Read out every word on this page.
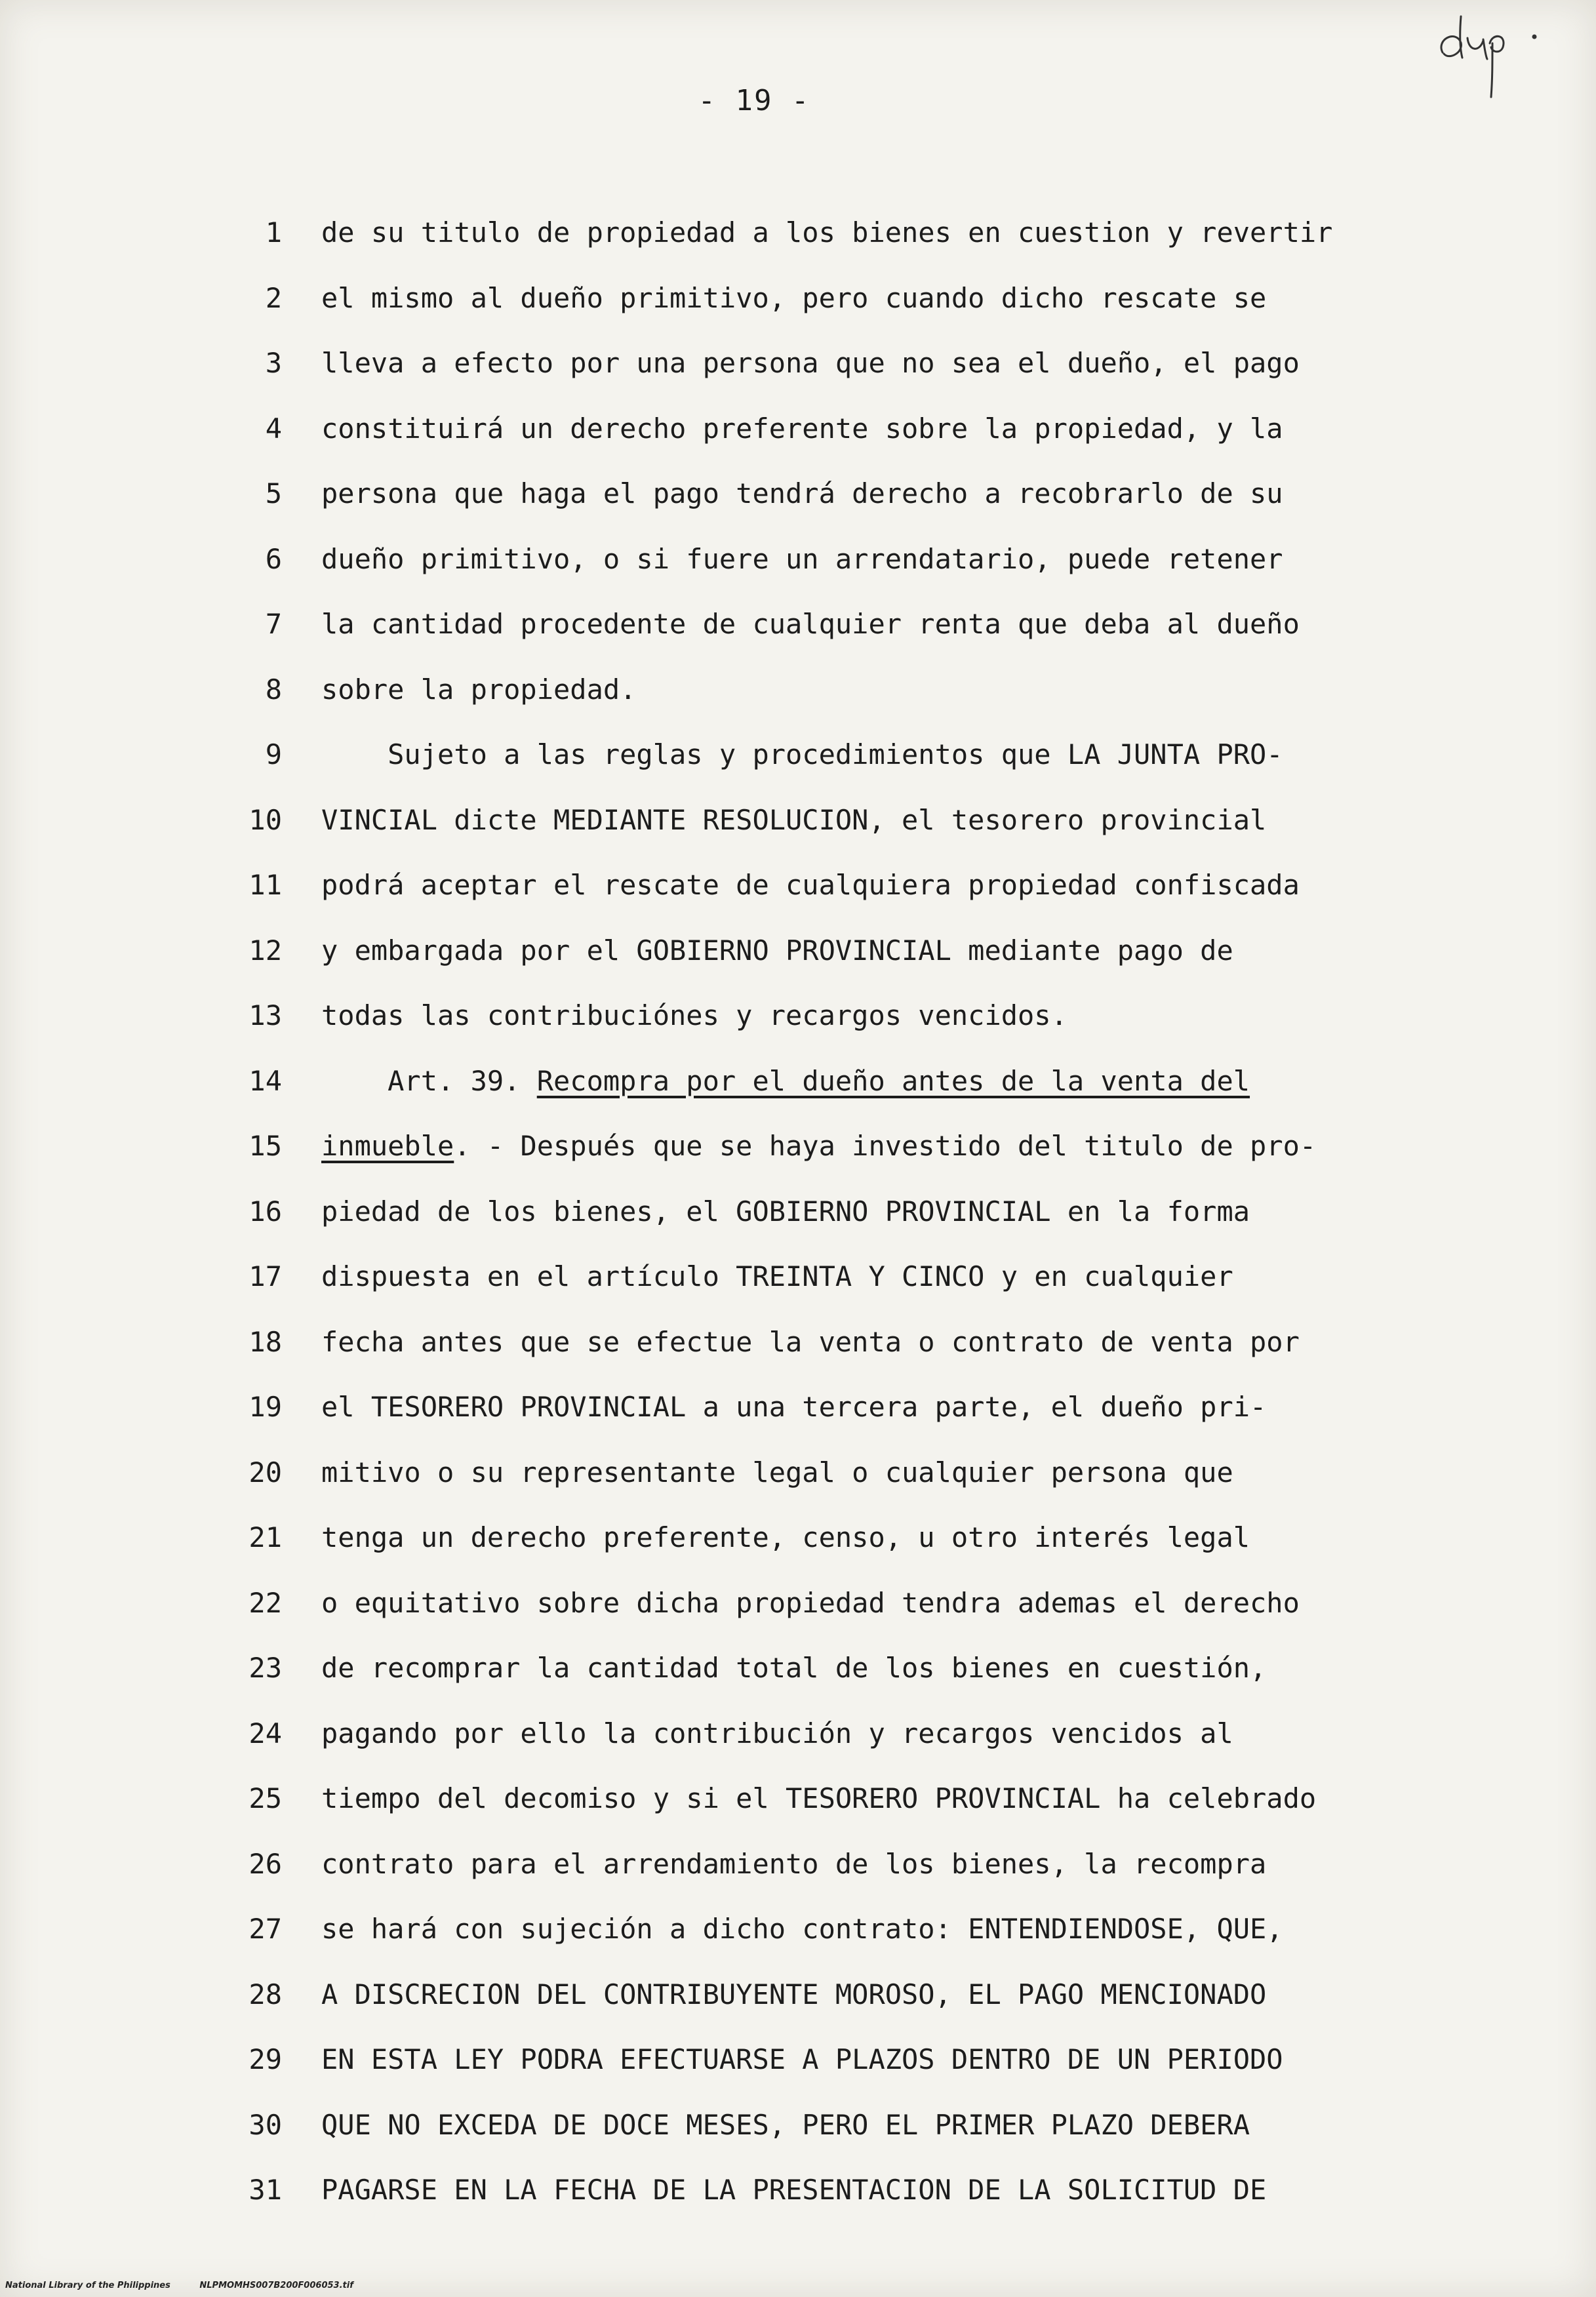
- 19 -
1 de su titulo de propiedad a los bienes en cuestion y revertir
2 el mismo al dueño primitivo, pero cuando dicho rescate se
3 lleva a efecto por una persona que no sea el dueño, el pago
4 constituirá un derecho preferente sobre la propiedad, y la
5 persona que haga el pago tendrá derecho a recobrarlo de su
6 dueño primitivo, o si fuere un arrendatario, puede retener
7 la cantidad procedente de cualquier renta que deba al dueño
8 sobre la propiedad.
9 Sujeto a las reglas y procedimientos que LA JUNTA PRO-
10 VINCIAL dicte MEDIANTE RESOLUCION, el tesorero provincial
11 podrá aceptar el rescate de cualquiera propiedad confiscada
12 y embargada por el GOBIERNO PROVINCIAL mediante pago de
13 todas las contribuciónes y recargos vencidos.
14 Art. 39. Recompra por el dueño antes de la venta del
15 inmueble. - Después que se haya investido del titulo de pro-
16 piedad de los bienes, el GOBIERNO PROVINCIAL en la forma
17 dispuesta en el artículo TREINTA Y CINCO y en cualquier
18 fecha antes que se efectue la venta o contrato de venta por
19 el TESORERO PROVINCIAL a una tercera parte, el dueño pri-
20 mitivo o su representante legal o cualquier persona que
21 tenga un derecho preferente, censo, u otro interés legal
22 o equitativo sobre dicha propiedad tendra ademas el derecho
23 de recomprar la cantidad total de los bienes en cuestión,
24 pagando por ello la contribución y recargos vencidos al
25 tiempo del decomiso y si el TESORERO PROVINCIAL ha celebrado
26 contrato para el arrendamiento de los bienes, la recompra
27 se hará con sujeción a dicho contrato: ENTENDIENDOSE, QUE,
28 A DISCRECION DEL CONTRIBUYENTE MOROSO, EL PAGO MENCIONADO
29 EN ESTA LEY PODRA EFECTUARSE A PLAZOS DENTRO DE UN PERIODO
30 QUE NO EXCEDA DE DOCE MESES, PERO EL PRIMER PLAZO DEBERA
31 PAGARSE EN LA FECHA DE LA PRESENTACION DE LA SOLICITUD DE
National Library of the Philippines	NLPMOMHS007B200F006053.tif
